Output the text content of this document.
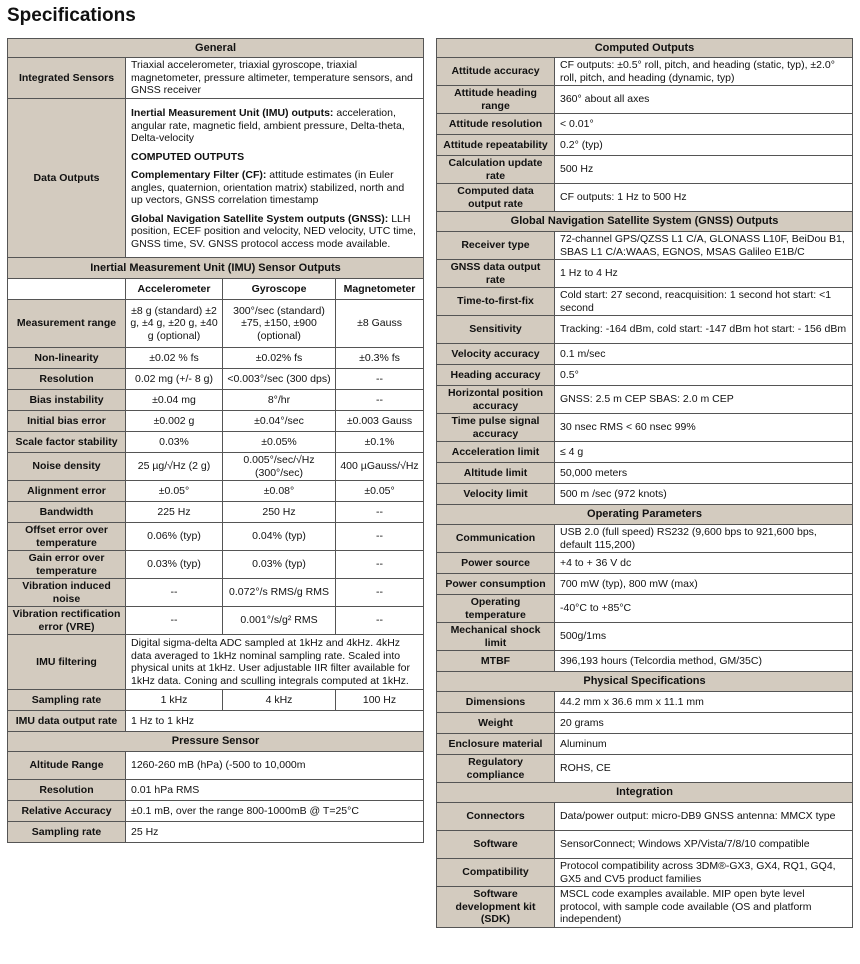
Specifications
General			
Integrated Sensors	Triaxial accelerometer, triaxial gyroscope, triaxial magnetometer, pressure altimeter, temperature sensors, and GNSS receiver		
Data Outputs	Inertial Measurement Unit (IMU) outputs: acceleration, angular rate, magnetic field, ambient pressure, Delta-theta, Delta-velocity
COMPUTED OUTPUTS
Complementary Filter (CF): attitude estimates (in Euler angles, quaternion, orientation matrix) stabilized, north and up vectors, GNSS correlation timestamp
Global Navigation Satellite System outputs (GNSS): LLH position, ECEF position and velocity, NED velocity, UTC time, GNSS time, SV. GNSS protocol access mode available.		

Inertial Measurement Unit (IMU) Sensor Outputs			
	Accelerometer	Gyroscope	Magnetometer
Measurement range	±8 g (standard) ±2 g, ±4 g, ±20 g, ±40 g (optional)	300°/sec (standard) ±75, ±150, ±900 (optional)	±8 Gauss
Non-linearity	±0.02 % fs	±0.02% fs	±0.3% fs
Resolution	0.02 mg (+/- 8 g)	<0.003°/sec (300 dps)	--
Bias instability	±0.04 mg	8°/hr	--
Initial bias error	±0.002 g	±0.04°/sec	±0.003 Gauss
Scale factor stability	0.03%	±0.05%	±0.1%
Noise density	25 µg/√Hz (2 g)	0.005°/sec/√Hz (300°/sec)	400 µGauss/√Hz
Alignment error	±0.05°	±0.08°	±0.05°
Bandwidth	225 Hz	250 Hz	--
Offset error over temperature	0.06% (typ)	0.04% (typ)	--
Gain error over temperature	0.03% (typ)	0.03% (typ)	--
Vibration induced noise	--	0.072°/s RMS/g RMS	--
Vibration rectification error (VRE)	--	0.001°/s/g² RMS	--
IMU filtering	Digital sigma-delta ADC sampled at 1kHz and 4kHz. 4kHz data averaged to 1kHz nominal sampling rate. Scaled into physical units at 1kHz. User adjustable IIR filter available for 1kHz data. Coning and sculling integrals computed at 1kHz.		
Sampling rate	1 kHz	4 kHz	100 Hz
IMU data output rate	1 Hz to 1 kHz		
Pressure Sensor			
Altitude Range	1260-260 mB (hPa) (-500 to 10,000m		
Resolution	0.01 hPa RMS		
Relative Accuracy	±0.1 mB, over the range 800-1000mB @ T=25°C		
Sampling rate	25 Hz		
Computed Outputs	
Attitude accuracy	CF outputs: ±0.5° roll, pitch, and heading (static, typ), ±2.0° roll, pitch, and heading (dynamic, typ)
Attitude heading range	360° about all axes
Attitude resolution	< 0.01°
Attitude repeatability	0.2° (typ)
Calculation update rate	500 Hz
Computed data output rate	CF outputs: 1 Hz to 500 Hz
Global Navigation Satellite System (GNSS) Outputs	
Receiver type	72-channel GPS/QZSS L1 C/A, GLONASS L10F, BeiDou B1, SBAS L1 C/A:WAAS, EGNOS, MSAS Galileo E1B/C
GNSS data output rate	1 Hz to 4 Hz
Time-to-first-fix	Cold start: 27 second, reacquisition: 1 second hot start: <1 second
Sensitivity	Tracking: -164 dBm, cold start: -147 dBm hot start: - 156 dBm
Velocity accuracy	0.1 m/sec
Heading accuracy	0.5°
Horizontal position accuracy	GNSS: 2.5 m CEP SBAS: 2.0 m CEP
Time pulse signal accuracy	30 nsec RMS < 60 nsec 99%
Acceleration limit	≤ 4 g
Altitude limit	50,000 meters
Velocity limit	500 m /sec (972 knots)
Operating Parameters	
Communication	USB 2.0 (full speed) RS232 (9,600 bps to 921,600 bps, default 115,200)
Power source	+4 to + 36 V dc
Power consumption	700 mW (typ), 800 mW (max)
Operating temperature	-40°C to +85°C
Mechanical shock limit	500g/1ms
MTBF	396,193 hours (Telcordia method, GM/35C)
Physical Specifications	
Dimensions	44.2 mm x 36.6 mm x 11.1 mm
Weight	20 grams
Enclosure material	Aluminum
Regulatory compliance	ROHS, CE
Integration	
Connectors	Data/power output: micro-DB9 GNSS antenna: MMCX type
Software	SensorConnect; Windows XP/Vista/7/8/10 compatible
Compatibility	Protocol compatibility across 3DM®-GX3, GX4, RQ1, GQ4, GX5 and CV5 product families
Software development kit (SDK)	MSCL code examples available. MIP open byte level protocol, with sample code available (OS and platform independent)
